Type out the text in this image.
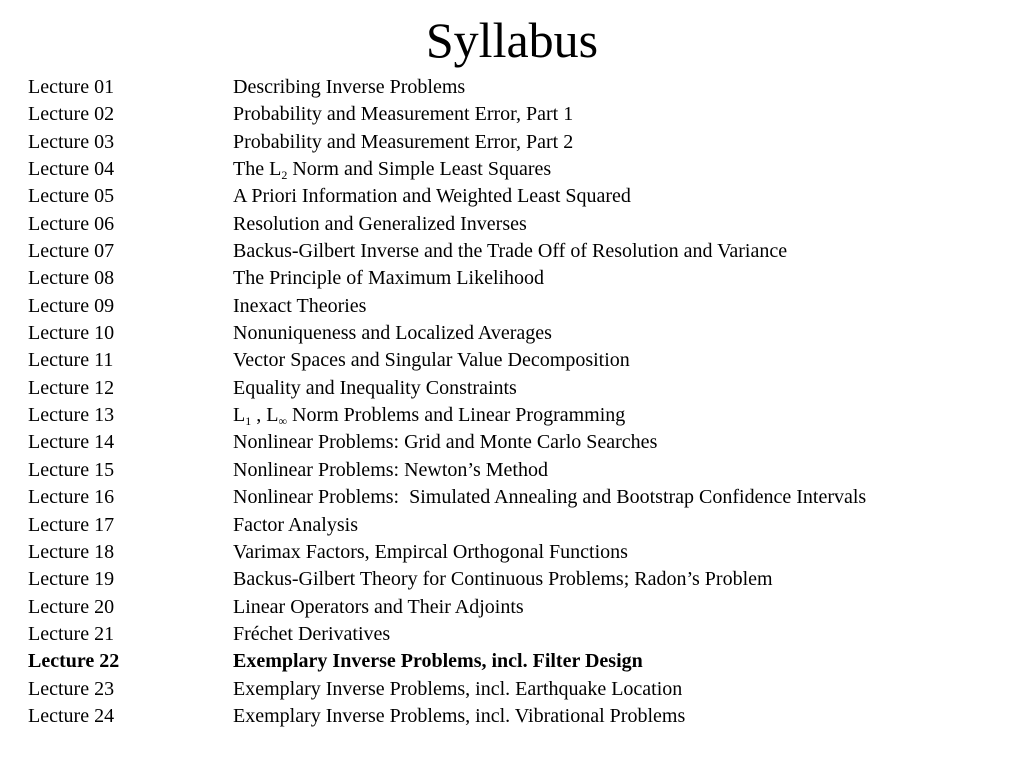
Syllabus
Lecture 01	Describing Inverse Problems
Lecture 02	Probability and Measurement Error, Part 1
Lecture 03	Probability and Measurement Error, Part 2
Lecture 04	The $L_2$ Norm and Simple Least Squares
Lecture 05	A Priori Information and Weighted Least Squared
Lecture 06	Resolution and Generalized Inverses
Lecture 07	Backus-Gilbert Inverse and the Trade Off of Resolution and Variance
Lecture 08	The Principle of Maximum Likelihood
Lecture 09	Inexact Theories
Lecture 10	Nonuniqueness and Localized Averages
Lecture 11	Vector Spaces and Singular Value Decomposition
Lecture 12	Equality and Inequality Constraints
Lecture 13	$L_1$ , $L_\infty$ Norm Problems and Linear Programming
Lecture 14	Nonlinear Problems: Grid and Monte Carlo Searches
Lecture 15	Nonlinear Problems: Newton’s Method
Lecture 16	Nonlinear Problems:  Simulated Annealing and Bootstrap Confidence Intervals
Lecture 17	Factor Analysis
Lecture 18	Varimax Factors, Empircal Orthogonal Functions
Lecture 19	Backus-Gilbert Theory for Continuous Problems; Radon’s Problem
Lecture 20	Linear Operators and Their Adjoints
Lecture 21	Fréchet Derivatives
Lecture 22	Exemplary Inverse Problems, incl. Filter Design
Lecture 23	Exemplary Inverse Problems, incl. Earthquake Location
Lecture 24	Exemplary Inverse Problems, incl. Vibrational Problems
